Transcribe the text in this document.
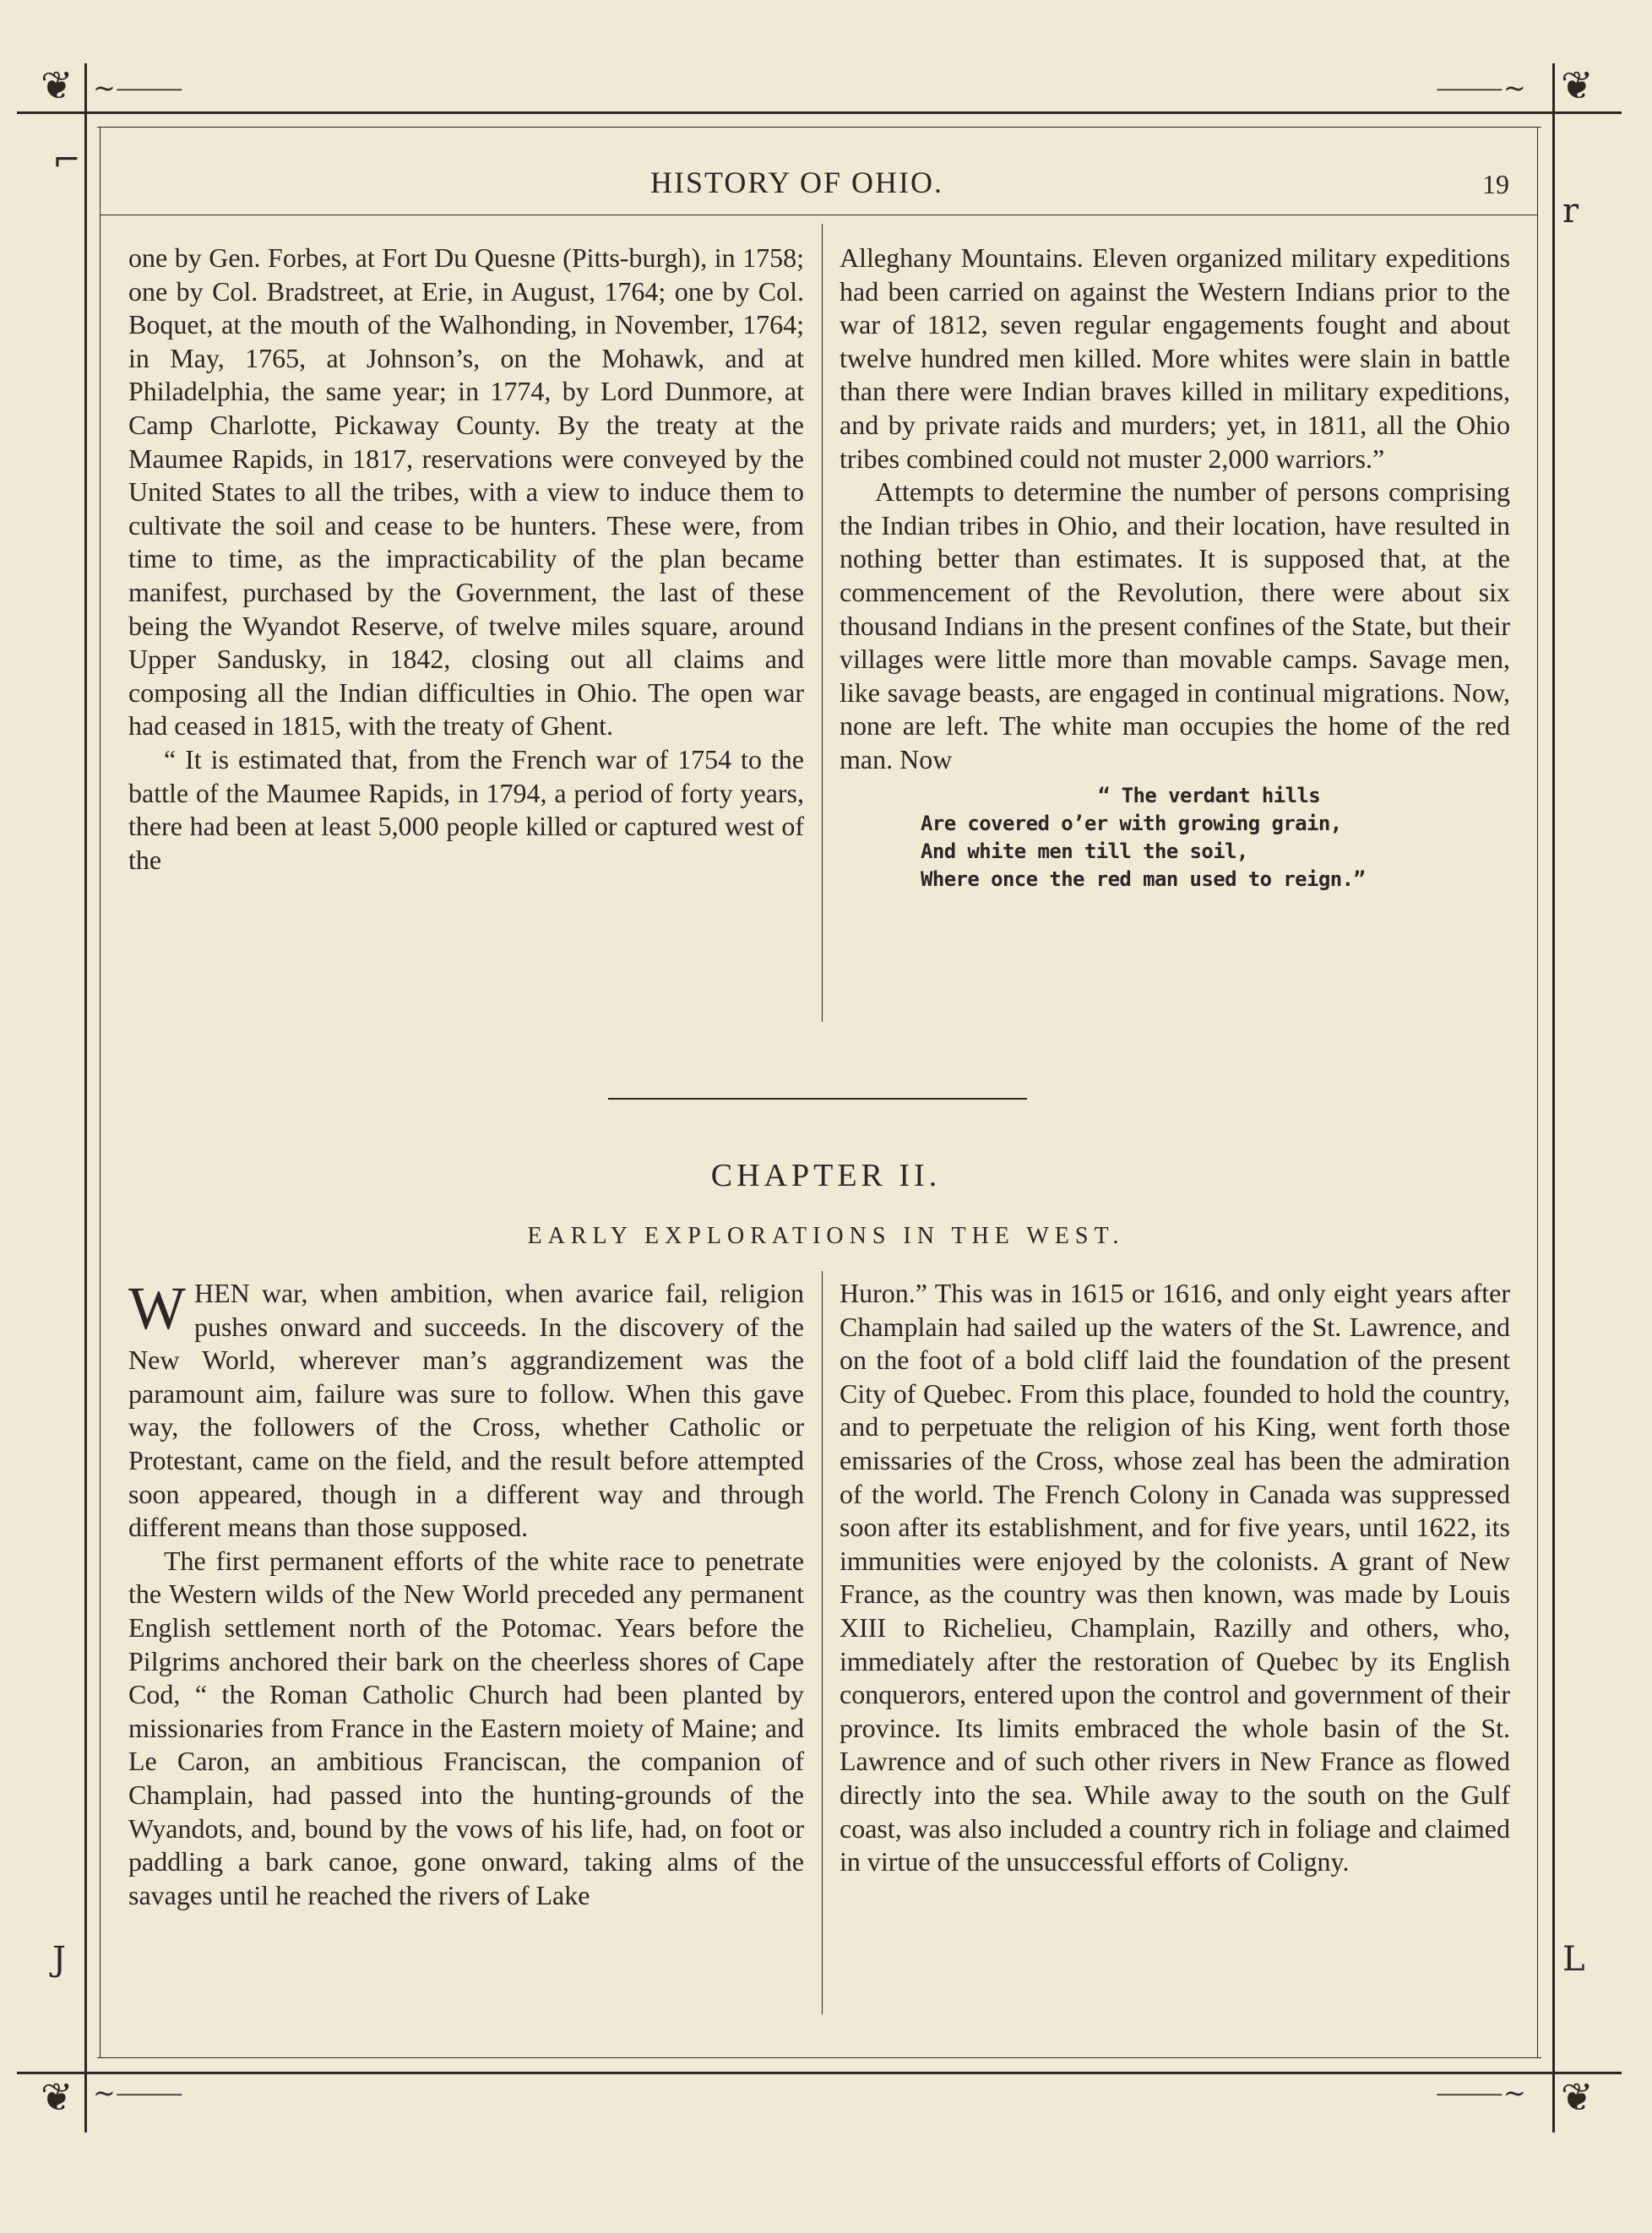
❦	❦
❦	❦
~⸻	⸻~
~⸻	⸻~
⌐
r
J	L
HISTORY OF OHIO.	19

one by Gen. Forbes, at Fort Du Quesne (Pitts-burgh), in 1758; one by Col. Bradstreet, at Erie, in August, 1764; one by Col. Boquet, at the mouth of the Walhonding, in November, 1764; in May, 1765, at Johnson’s, on the Mohawk, and at Philadelphia, the same year; in 1774, by Lord Dunmore, at Camp Charlotte, Pickaway County. By the treaty at the Maumee Rapids, in 1817, reservations were conveyed by the United States to all the tribes, with a view to induce them to cultivate the soil and cease to be hunters. These were, from time to time, as the impracticability of the plan became manifest, purchased by the Government, the last of these being the Wyandot Reserve, of twelve miles square, around Upper Sandusky, in 1842, closing out all claims and composing all the Indian difficulties in Ohio. The open war had ceased in 1815, with the treaty of Ghent.

“ It is estimated that, from the French war of 1754 to the battle of the Maumee Rapids, in 1794, a period of forty years, there had been at least 5,000 people killed or captured west of the

Alleghany Mountains. Eleven organized military expeditions had been carried on against the Western Indians prior to the war of 1812, seven regular engagements fought and about twelve hundred men killed. More whites were slain in battle than there were Indian braves killed in military expeditions, and by private raids and murders; yet, in 1811, all the Ohio tribes combined could not muster 2,000 warriors.”

Attempts to determine the number of persons comprising the Indian tribes in Ohio, and their location, have resulted in nothing better than estimates. It is supposed that, at the commencement of the Revolution, there were about six thousand Indians in the present confines of the State, but their villages were little more than movable camps. Savage men, like savage beasts, are engaged in continual migrations. Now, none are left. The white man occupies the home of the red man. Now

“ The verdant hills
Are covered o’er with growing grain,
And white men till the soil,
Where once the red man used to reign.”
CHAPTER II.
EARLY EXPLORATIONS IN THE WEST.

WHEN war, when ambition, when avarice fail, religion pushes onward and succeeds. In the discovery of the New World, wherever man’s aggrandizement was the paramount aim, failure was sure to follow. When this gave way, the followers of the Cross, whether Catholic or Protestant, came on the field, and the result before attempted soon appeared, though in a different way and through different means than those supposed.

The first permanent efforts of the white race to penetrate the Western wilds of the New World preceded any permanent English settlement north of the Potomac. Years before the Pilgrims anchored their bark on the cheerless shores of Cape Cod, “ the Roman Catholic Church had been planted by missionaries from France in the Eastern moiety of Maine; and Le Caron, an ambitious Franciscan, the companion of Champlain, had passed into the hunting-grounds of the Wyandots, and, bound by the vows of his life, had, on foot or paddling a bark canoe, gone onward, taking alms of the savages until he reached the rivers of Lake

Huron.” This was in 1615 or 1616, and only eight years after Champlain had sailed up the waters of the St. Lawrence, and on the foot of a bold cliff laid the foundation of the present City of Quebec. From this place, founded to hold the country, and to perpetuate the religion of his King, went forth those emissaries of the Cross, whose zeal has been the admiration of the world. The French Colony in Canada was suppressed soon after its establishment, and for five years, until 1622, its immunities were enjoyed by the colonists. A grant of New France, as the country was then known, was made by Louis XIII to Richelieu, Champlain, Razilly and others, who, immediately after the restoration of Quebec by its English conquerors, entered upon the control and government of their province. Its limits embraced the whole basin of the St. Lawrence and of such other rivers in New France as flowed directly into the sea. While away to the south on the Gulf coast, was also included a country rich in foliage and claimed in virtue of the unsuccessful efforts of Coligny.
